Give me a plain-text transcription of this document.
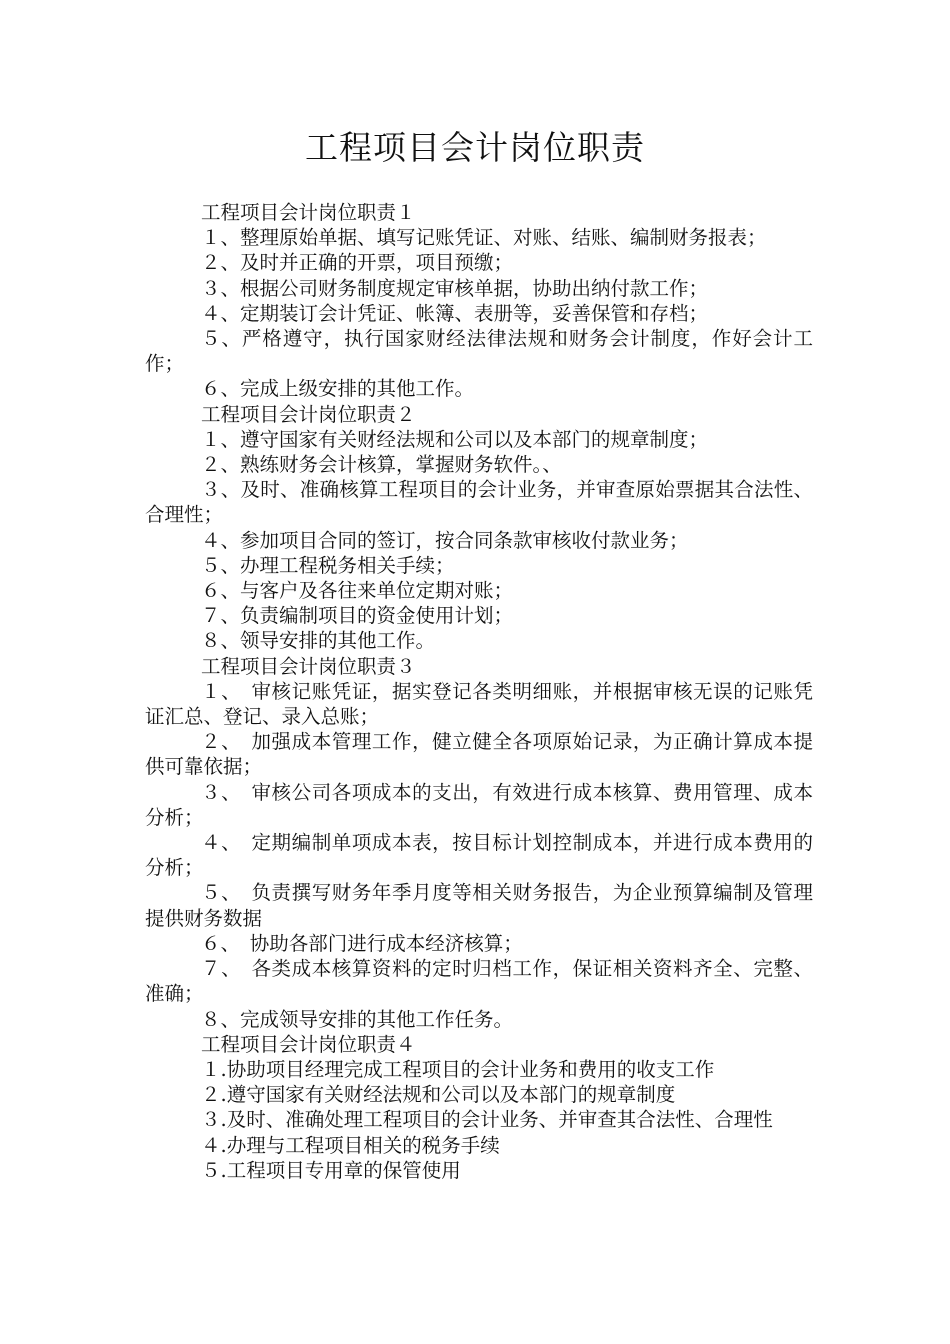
工程项目会计岗位职责

工程项目会计岗位职责１

１、整理原始单据、填写记账凭证、对账、结账、编制财务报表；

２、及时并正确的开票，项目预缴；

３、根据公司财务制度规定审核单据，协助出纳付款工作；

４、定期装订会计凭证、帐簿、表册等，妥善保管和存档；

５、严格遵守，执行国家财经法律法规和财务会计制度，作好会计工作；

６、完成上级安排的其他工作。

工程项目会计岗位职责２

１、遵守国家有关财经法规和公司以及本部门的规章制度；

２、熟练财务会计核算，掌握财务软件。、

３、及时、准确核算工程项目的会计业务，并审查原始票据其合法性、合理性；

４、参加项目合同的签订，按合同条款审核收付款业务；

５、办理工程税务相关手续；

６、与客户及各往来单位定期对账；

７、负责编制项目的资金使用计划；

８、领导安排的其他工作。

工程项目会计岗位职责３

１、　审核记账凭证，据实登记各类明细账，并根据审核无误的记账凭证汇总、登记、录入总账；

２、　加强成本管理工作，健立健全各项原始记录，为正确计算成本提供可靠依据；

３、　审核公司各项成本的支出，有效进行成本核算、费用管理、成本分析；

４、　定期编制单项成本表，按目标计划控制成本，并进行成本费用的分析；

５、　负责撰写财务年季月度等相关财务报告，为企业预算编制及管理提供财务数据

６、　协助各部门进行成本经济核算；

７、　各类成本核算资料的定时归档工作，保证相关资料齐全、完整、准确；

８、完成领导安排的其他工作任务。

工程项目会计岗位职责４

１.协助项目经理完成工程项目的会计业务和费用的收支工作

２.遵守国家有关财经法规和公司以及本部门的规章制度

３.及时、准确处理工程项目的会计业务、并审查其合法性、合理性

４.办理与工程项目相关的税务手续

５.工程项目专用章的保管使用
